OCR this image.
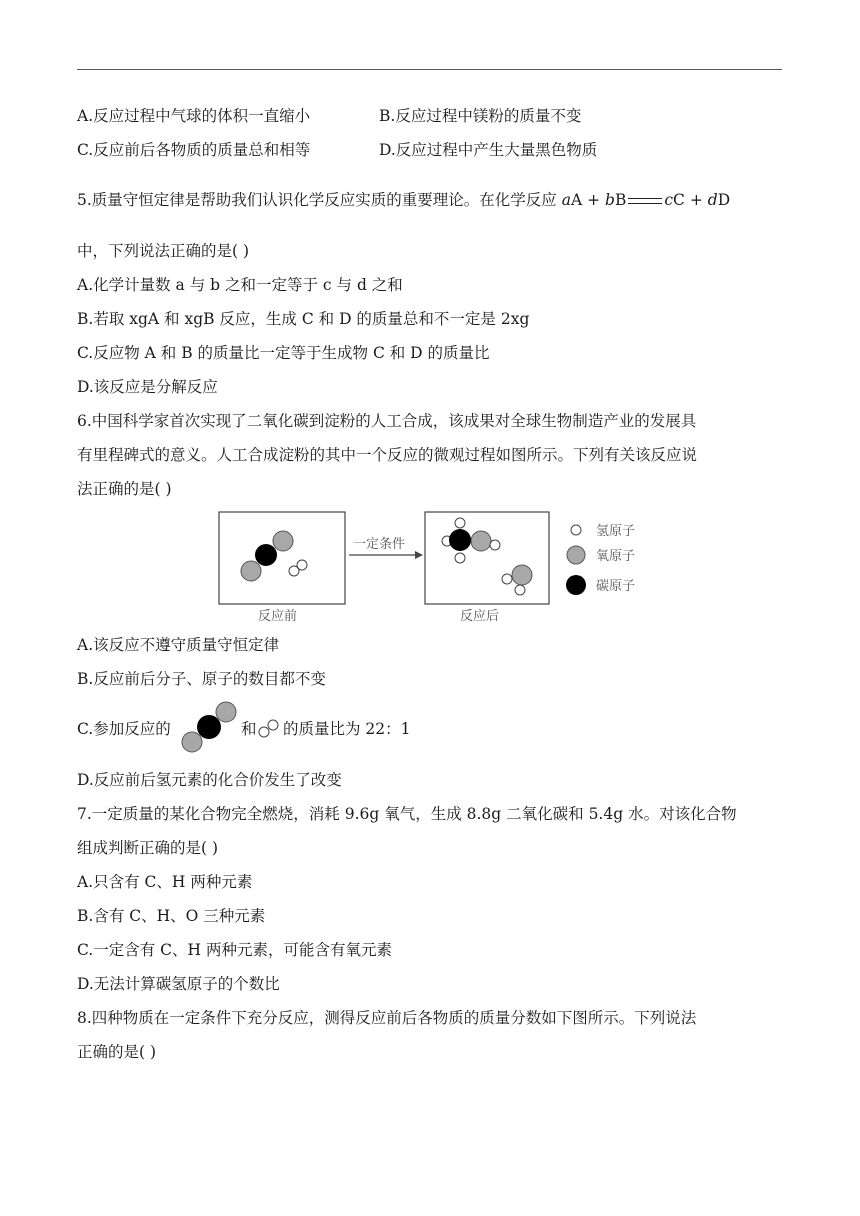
A.反应过程中气球的体积一直缩小	B.反应过程中镁粉的质量不变
C.反应前后各物质的质量总和相等	D.反应过程中产生大量黑色物质
5.质量守恒定律是帮助我们认识化学反应实质的重要理论。在化学反应 aA + bB cC + dD
中，下列说法正确的是( )
A.化学计量数 a 与 b 之和一定等于 c 与 d 之和
B.若取 xgA 和 xgB 反应，生成 C 和 D 的质量总和不一定是 2xg
C.反应物 A 和 B 的质量比一定等于生成物 C 和 D 的质量比
D.该反应是分解反应
6.中国科学家首次实现了二氧化碳到淀粉的人工合成，该成果对全球生物制造产业的发展具
有里程碑式的意义。人工合成淀粉的其中一个反应的微观过程如图所示。下列有关该反应说
法正确的是( )
反应前
一定条件
反应后
氢原子
氧原子
碳原子
A.该反应不遵守质量守恒定律
B.反应前后分子、原子的数目都不变
C.参加反应的	和 的质量比为 22：1
D.反应前后氢元素的化合价发生了改变
7.一定质量的某化合物完全燃烧，消耗 9.6g 氧气，生成 8.8g 二氧化碳和 5.4g 水。对该化合物
组成判断正确的是( )
A.只含有 C、H 两种元素
B.含有 C、H、O 三种元素
C.一定含有 C、H 两种元素，可能含有氧元素
D.无法计算碳氢原子的个数比
8.四种物质在一定条件下充分反应，测得反应前后各物质的质量分数如下图所示。下列说法
正确的是( )
